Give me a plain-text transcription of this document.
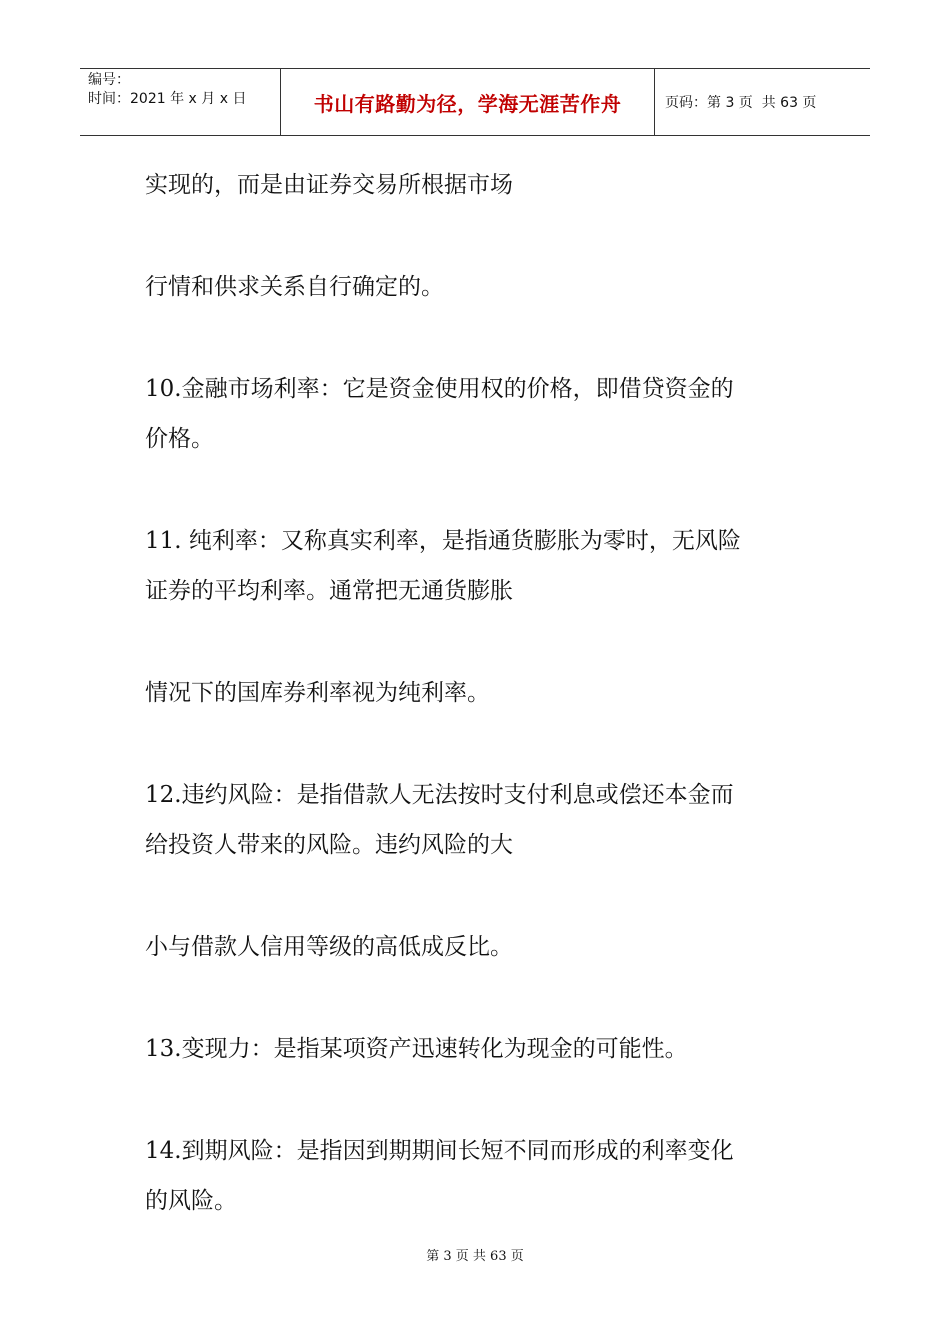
编号：
时间：2021 年 x 月 x 日	书山有路勤为径，学海无涯苦作舟	页码：第 3 页  共 63 页

实现的，而是由证券交易所根据市场

行情和供求关系自行确定的。

10.金融市场利率：它是资金使用权的价格，即借贷资金的

价格。

11. 纯利率：又称真实利率，是指通货膨胀为零时，无风险

证券的平均利率。通常把无通货膨胀

情况下的国库券利率视为纯利率。

12.违约风险：是指借款人无法按时支付利息或偿还本金而

给投资人带来的风险。违约风险的大

小与借款人信用等级的高低成反比。

13.变现力：是指某项资产迅速转化为现金的可能性。

14.到期风险：是指因到期期间长短不同而形成的利率变化

的风险。

第 3 页 共 63 页
